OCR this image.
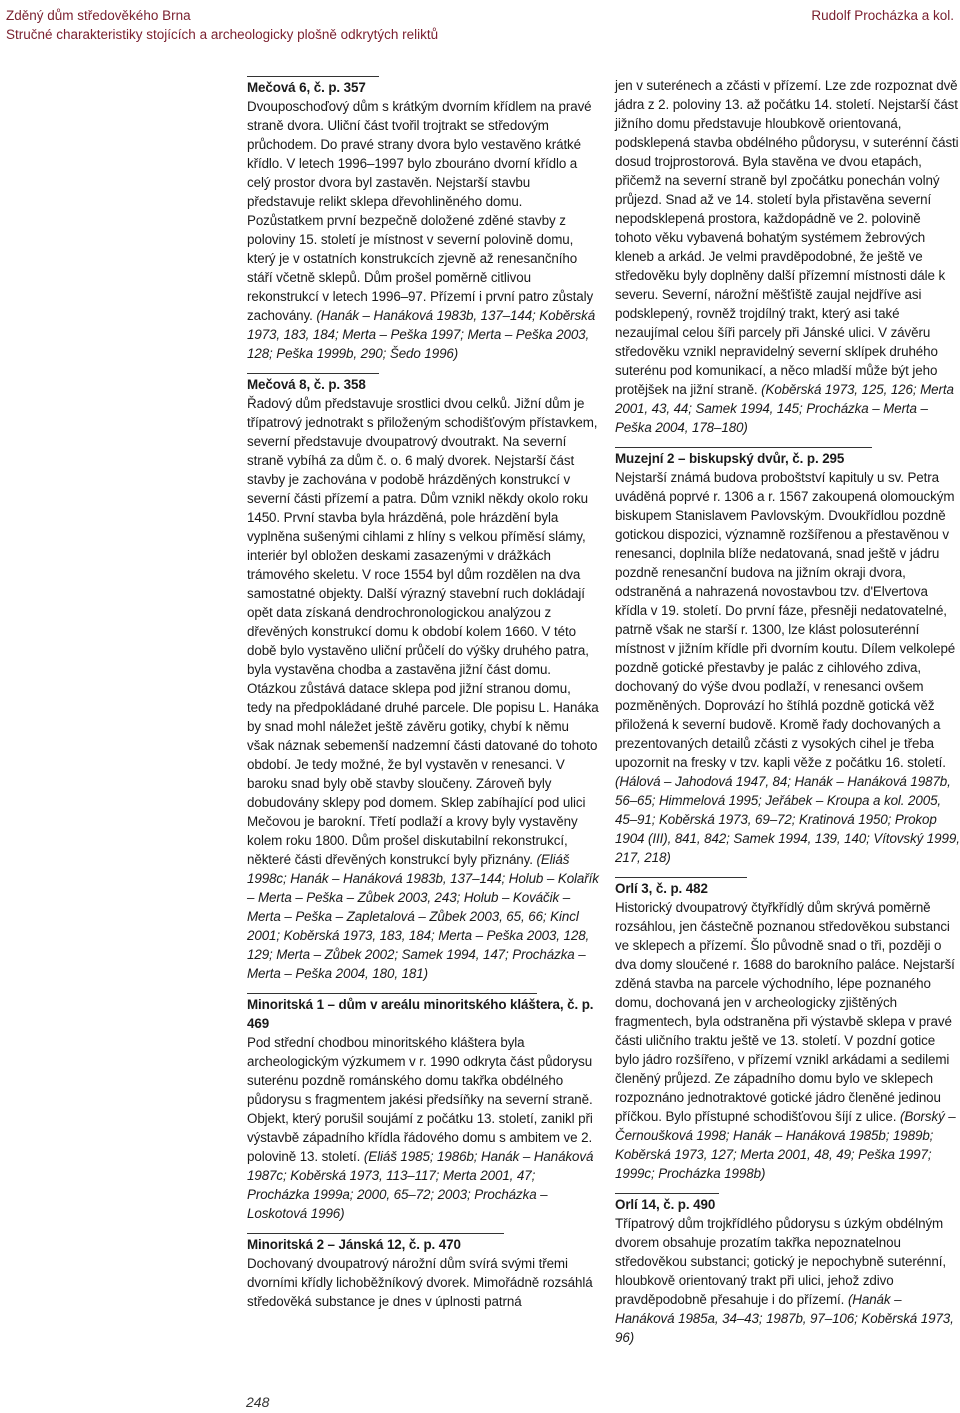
Zděný dům středověkého Brna
Stručné charakteristiky stojících a archeologicky plošně odkrytých reliktů
Rudolf Procházka a kol.

Mečová 6, č. p. 357

Dvouposchoďový dům s krátkým dvorním křídlem na pravé straně dvora. Uliční část tvořil trojtrakt se středovým průchodem. Do pravé strany dvora bylo vestavěno krátké křídlo. V letech 1996–1997 bylo zbouráno dvorní křídlo a celý prostor dvora byl zastavěn. Nejstarší stavbu představuje relikt sklepa dřevohliněného domu. Pozůstatkem první bezpečně doložené zděné stavby z poloviny 15. století je místnost v severní polovině domu, který je v ostatních konstrukcích zjevně až renesančního stáří včetně sklepů. Dům prošel poměrně citlivou rekonstrukcí v letech 1996–97. Přízemí i první patro zůstaly zachovány. (Hanák – Hanáková 1983b, 137–144; Koběrská 1973, 183, 184; Merta – Peška 1997; Merta – Peška 2003, 128; Peška 1999b, 290; Šedo 1996)

Mečová 8, č. p. 358

Řadový dům představuje srostlici dvou celků. Jižní dům je třípatrový jednotrakt s přiloženým schodišťovým přístavkem, severní představuje dvoupatrový dvoutrakt. Na severní straně vybíhá za dům č. o. 6 malý dvorek. Nejstarší část stavby je zachována v podobě hrázděných konstrukcí v severní části přízemí a patra. Dům vznikl někdy okolo roku 1450. První stavba byla hrázděná, pole hrázdění byla vyplněna sušenými cihlami z hlíny s velkou příměsí slámy, interiér byl obložen deskami zasazenými v drážkách trámového skeletu. V roce 1554 byl dům rozdělen na dva samostatné objekty. Další výrazný stavební ruch dokládají opět data získaná dendrochronologickou analýzou z dřevěných konstrukcí domu k období kolem 1660. V této době bylo vystavěno uliční průčelí do výšky druhého patra, byla vystavěna chodba a zastavěna jižní část domu. Otázkou zůstává datace sklepa pod jižní stranou domu, tedy na předpokládané druhé parcele. Dle popisu L. Hanáka by snad mohl náležet ještě závěru gotiky, chybí k němu však náznak sebemenší nadzemní části datované do tohoto období. Je tedy možné, že byl vystavěn v renesanci. V baroku snad byly obě stavby sloučeny. Zároveň byly dobudovány sklepy pod domem. Sklep zabíhající pod ulici Mečovou je barokní. Třetí podlaží a krovy byly vystavěny kolem roku 1800. Dům prošel diskutabilní rekonstrukcí, některé části dřevěných konstrukcí byly přiznány. (Eliáš 1998c; Hanák – Hanáková 1983b, 137–144; Holub – Kolařík – Merta – Peška – Zůbek 2003, 243; Holub – Kováčik – Merta – Peška – Zapletalová – Zůbek 2003, 65, 66; Kincl 2001; Koběrská 1973, 183, 184; Merta – Peška 2003, 128, 129; Merta – Zůbek 2002; Samek 1994, 147; Procházka – Merta – Peška 2004, 180, 181)

Minoritská 1 – dům v areálu minoritského kláštera, č. p. 469

Pod střední chodbou minoritského kláštera byla archeologickým výzkumem v r. 1990 odkryta část půdorysu suterénu pozdně románského domu takřka obdélného půdorysu s fragmentem jakési předsíňky na severní straně. Objekt, který porušil soujámí z počátku 13. století, zanikl při výstavbě západního křídla řádového domu s ambitem ve 2. polovině 13. století. (Eliáš 1985; 1986b; Hanák – Hanáková 1987c; Koběrská 1973, 113–117; Merta 2001, 47; Procházka 1999a; 2000, 65–72; 2003; Procházka – Loskotová 1996)

Minoritská 2 – Jánská 12, č. p. 470

Dochovaný dvoupatrový nárožní dům svírá svými třemi dvorními křídly lichoběžníkový dvorek. Mimořádně rozsáhlá středověká substance je dnes v úplnosti patrná

jen v suterénech a zčásti v přízemí. Lze zde rozpoznat dvě jádra z 2. poloviny 13. až počátku 14. století. Nejstarší část jižního domu představuje hloubkově orientovaná, podsklepená stavba obdélného půdorysu, v suterénní části dosud trojprostorová. Byla stavěna ve dvou etapách, přičemž na severní straně byl zpočátku ponechán volný průjezd. Snad až ve 14. století byla přistavěna severní nepodsklepená prostora, každopádně ve 2. polovině tohoto věku vybavená bohatým systémem žebrových kleneb a arkád. Je velmi pravděpodobné, že ještě ve středověku byly doplněny další přízemní místnosti dále k severu. Severní, nárožní měšťiště zaujal nejdříve asi podsklepený, rovněž trojdílný trakt, který asi také nezaujímal celou šíři parcely při Jánské ulici. V závěru středověku vznikl nepravidelný severní sklípek druhého suterénu pod komunikací, a něco mladší může být jeho protějšek na jižní straně. (Koběrská 1973, 125, 126; Merta 2001, 43, 44; Samek 1994, 145; Procházka – Merta – Peška 2004, 178–180)

Muzejní 2 – biskupský dvůr, č. p. 295

Nejstarší známá budova proboštství kapituly u sv. Petra uváděná poprvé r. 1306 a r. 1567 zakoupená olomouckým biskupem Stanislavem Pavlovským. Dvoukřídlou pozdně gotickou dispozici, významně rozšířenou a přestavěnou v renesanci, doplnila blíže nedatovaná, snad ještě v jádru pozdně renesanční budova na jižním okraji dvora, odstraněná a nahrazená novostavbou tzv. d'Elvertova křídla v 19. století. Do první fáze, přesněji nedatovatelné, patrně však ne starší r. 1300, lze klást polosuterénní místnost v jižním křídle při dvorním koutu. Dílem velkolepé pozdně gotické přestavby je palác z cihlového zdiva, dochovaný do výše dvou podlaží, v renesanci ovšem pozměněných. Doprovází ho štíhlá pozdně gotická věž přiložená k severní budově. Kromě řady dochovaných a prezentovaných detailů zčásti z vysokých cihel je třeba upozornit na fresky v tzv. kapli věže z počátku 16. století. (Hálová – Jahodová 1947, 84; Hanák – Hanáková 1987b, 56–65; Himmelová 1995; Jeřábek – Kroupa a kol. 2005, 45–91; Koběrská 1973, 69–72; Kratinová 1950; Prokop 1904 (III), 841, 842; Samek 1994, 139, 140; Vítovský 1999, 217, 218)

Orlí 3, č. p. 482

Historický dvoupatrový čtyřkřídlý dům skrývá poměrně rozsáhlou, jen částečně poznanou středověkou substanci ve sklepech a přízemí. Šlo původně snad o tři, později o dva domy sloučené r. 1688 do barokního paláce. Nejstarší zděná stavba na parcele východního, lépe poznaného domu, dochovaná jen v archeologicky zjištěných fragmentech, byla odstraněna při výstavbě sklepa v pravé části uličního traktu ještě ve 13. století. V pozdní gotice bylo jádro rozšířeno, v přízemí vznikl arkádami a sedilemi členěný průjezd. Ze západního domu bylo ve sklepech rozpoznáno jednotraktové gotické jádro členěné jedinou příčkou. Bylo přístupné schodišťovou šíjí z ulice. (Borský – Černoušková 1998; Hanák – Hanáková 1985b; 1989b; Koběrská 1973, 127; Merta 2001, 48, 49; Peška 1997; 1999c; Procházka 1998b)

Orlí 14, č. p. 490

Třípatrový dům trojkřídlého půdorysu s úzkým obdélným dvorem obsahuje prozatím takřka nepoznatelnou středověkou substanci; gotický je nepochybně suterénní, hloubkově orientovaný trakt při ulici, jehož zdivo pravděpodobně přesahuje i do přízemí. (Hanák – Hanáková 1985a, 34–43; 1987b, 97–106; Koběrská 1973, 96)

248
